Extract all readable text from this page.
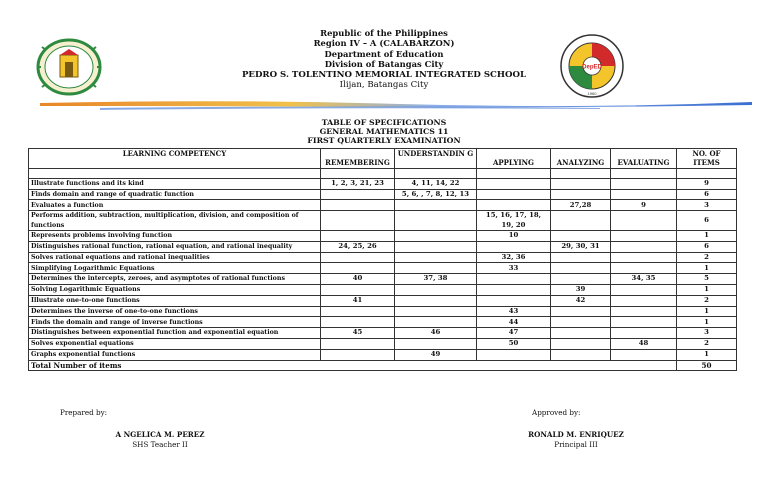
DepED
1960
Republic of the Philippines
Region IV – A (CALABARZON)
Department of Education
Division of Batangas City
PEDRO S. TOLENTINO MEMORIAL INTEGRATED SCHOOL
Ilijan, Batangas City
TABLE OF SPECIFICATIONS
GENERAL MATHEMATICS 11
FIRST QUARTERLY EXAMINATION
LEARNING COMPETENCY	REMEMBERING	UNDERSTANDIN G	APPLYING	ANALYZING	EVALUATING	NO. OF ITEMS

Illustrate functions and its kind	1, 2, 3, 21, 23	4, 11, 14, 22				9
Finds domain and range of quadratic function		5, 6, , 7, 8, 12, 13				6
Evaluates a function				27,28	9	3
Performs addition, subtraction, multiplication, division, and composition of functions			15, 16, 17, 18, 19, 20			6
Represents problems involving function			10			1
Distinguishes rational function, rational equation, and rational inequality	24, 25, 26			29, 30, 31		6
Solves rational equations and rational inequalities			32, 36			2
Simplifying Logarithmic Equations			33			1
Determines the intercepts, zeroes, and asymptotes of rational functions	40	37, 38			34, 35	5
Solving Logarithmic Equations				39		1
Illustrate one-to-one functions	41			42		2
Determines the inverse of one-to-one functions			43			1
Finds the domain and range of inverse functions			44			1
Distinguishes between exponential function and exponential equation	45	46	47			3
Solves exponential equations			50		48	2
Graphs exponential functions		49				1
Total Number of items						50
Prepared by:
A NGELICA M. PEREZ
SHS Teacher II
Approved by:
RONALD M. ENRIQUEZ
Principal III
